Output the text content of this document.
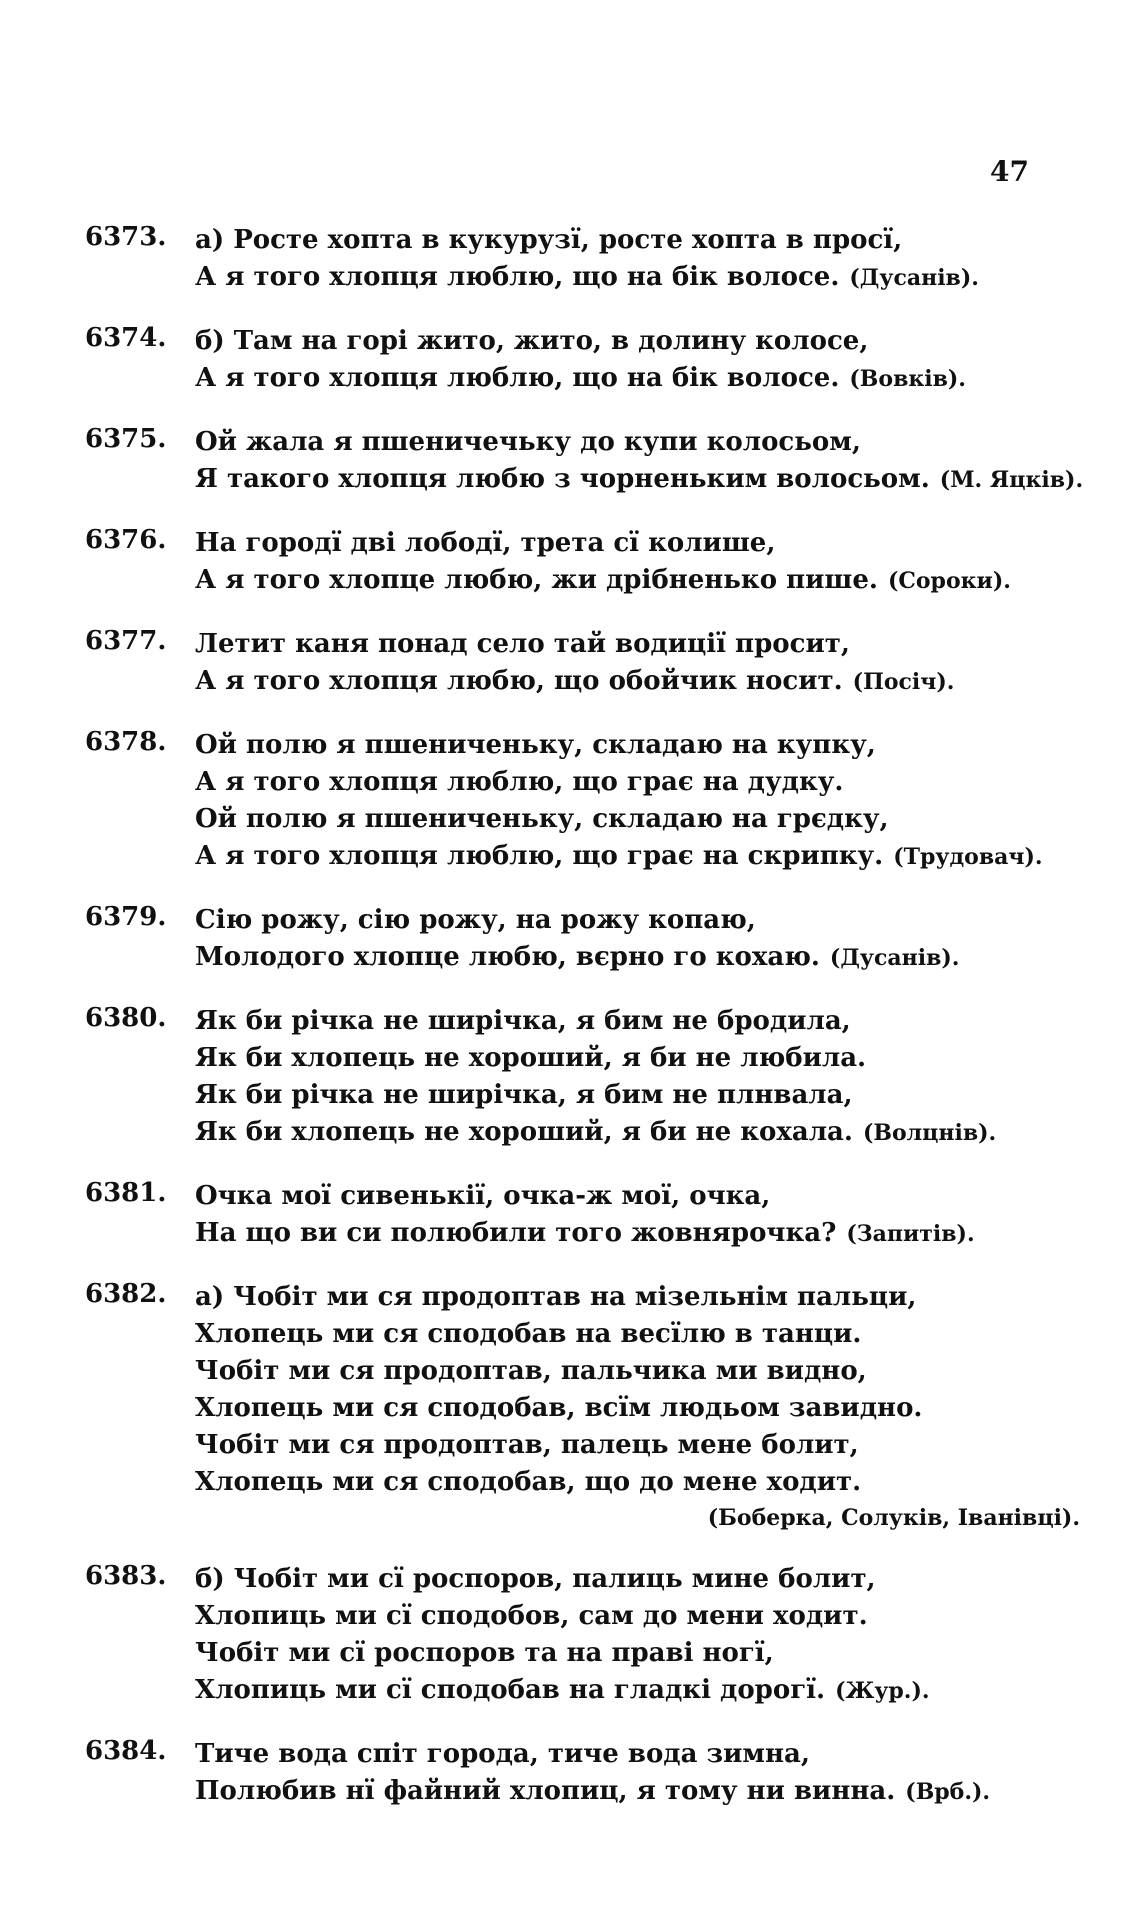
47
6373.	а) Росте хопта в кукурузї, росте хопта в просї,
А я того хлопця люблю, що на бік волосе. (Дусанів).
6374.	б) Там на горі жито, жито, в долину колосе,
А я того хлопця люблю, що на бік волосе. (Вовків).
6375.	Ой жала я пшеничечьку до купи колосьом,
Я такого хлопця любю з чорненьким волосьом. (М. Яцків).
6376.	На городї дві лободї, трета сї колише,
А я того хлопце любю, жи дрібненько пише. (Сороки).
6377.	Летит каня понад село тай водиції просит,
А я того хлопця любю, що обойчик носит. (Посіч).
6378.	Ой полю я пшениченьку, складаю на купку,
А я того хлопця люблю, що грає на дудку.
Ой полю я пшениченьку, складаю на грєдку,
А я того хлопця люблю, що грає на скрипку. (Трудовач).
6379.	Сію рожу, сію рожу, на рожу копаю,
Молодого хлопце любю, вєрно го кохаю. (Дусанів).
6380.	Як би річка не ширічка, я бим не бродила,
Як би хлопець не хороший, я би не любила.
Як би річка не ширічка, я бим не плнвала,
Як би хлопець не хороший, я би не кохала. (Волцнів).
6381.	Очка мої сивенькії, очка-ж мої, очка,
На що ви си полюбили того жовнярочка? (Запитів).
6382.	а) Чобіт ми ся продоптав на мізельнім пальци,
Хлопець ми ся сподобав на весїлю в танци.
Чобіт ми ся продоптав, пальчика ми видно,
Хлопець ми ся сподобав, всїм людьом завидно.
Чобіт ми ся продоптав, палець мене болит,
Хлопець ми ся сподобав, що до мене ходит.
(Боберка, Солуків, Іванівці).
6383.	б) Чобіт ми сї роспоров, палиць мине болит,
Хлопиць ми сї сподобов, сам до мени ходит.
Чобіт ми сї роспоров та на праві ногї,
Хлопиць ми сї сподобав на гладкі дорогї. (Жур.).
6384.	Тиче вода спіт города, тиче вода зимна,
Полюбив нї файний хлопиц, я тому ни винна. (Врб.).
